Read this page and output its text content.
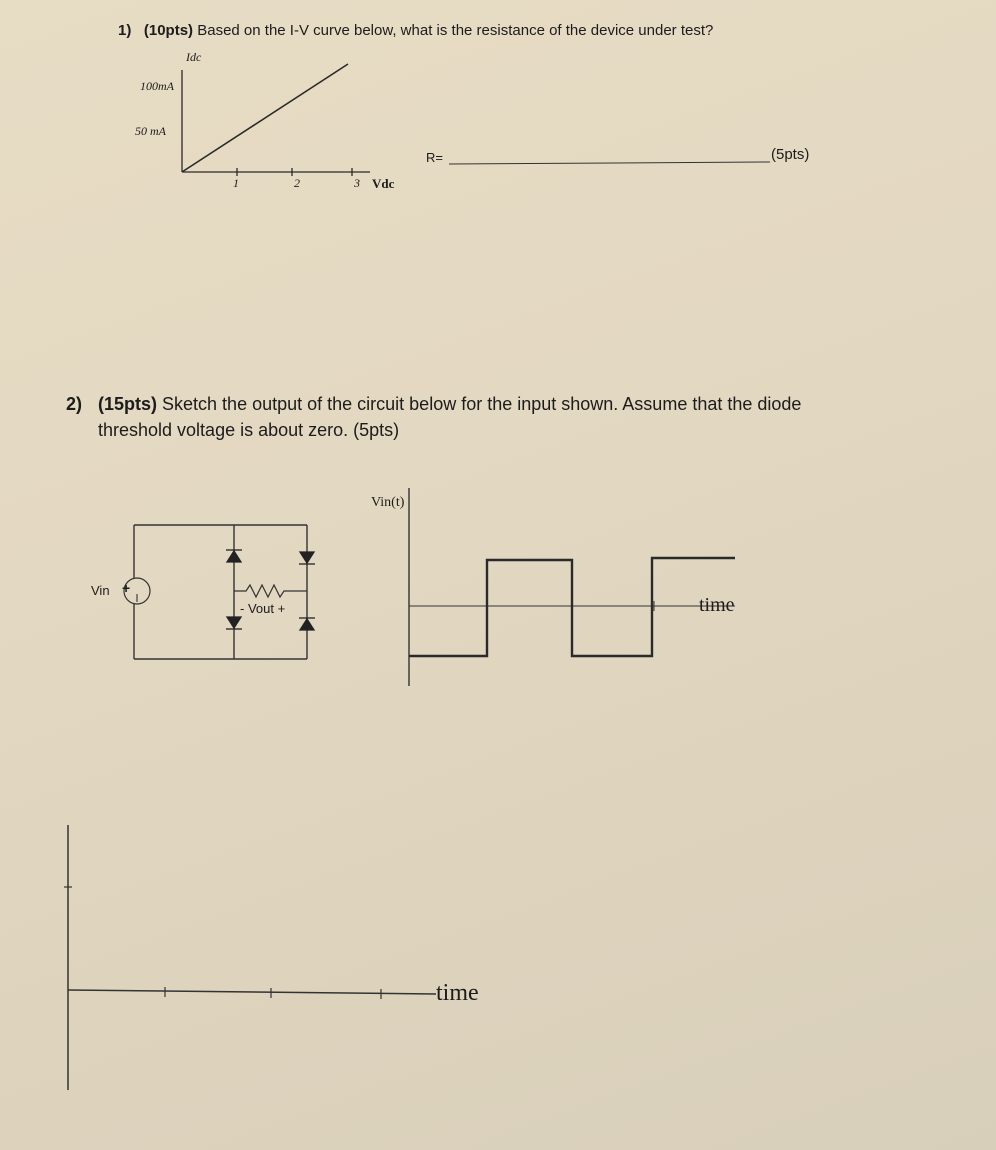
1) (10pts) Based on the I-V curve below, what is the resistance of the device under test?
Idc
100mA
50 mA
1	2	3 Vdc
R=	(5pts)
2) (15pts) Sketch the output of the circuit below for the input shown. Assume that the diode
threshold voltage is about zero. (5pts)
+
Vin
- Vout +
Vin(t)
time
time
